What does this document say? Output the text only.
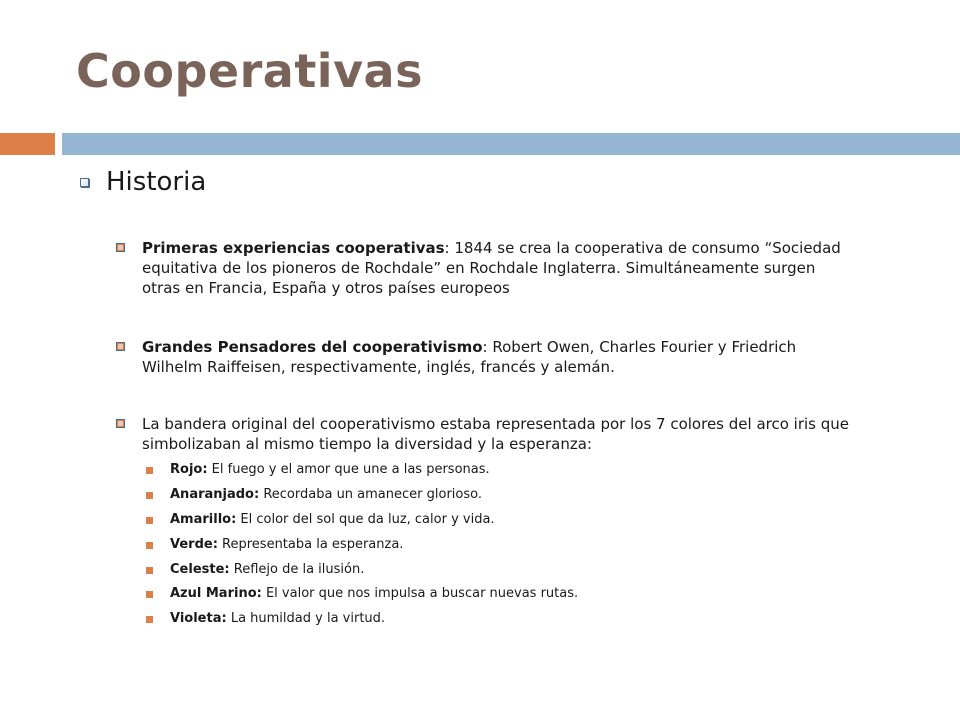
Cooperativas
Historia
Primeras experiencias cooperativas: 1844 se crea la cooperativa de consumo “Sociedad equitativa de los pioneros de Rochdale” en Rochdale Inglaterra. Simultáneamente surgen otras en Francia, España y otros países europeos
Grandes Pensadores del cooperativismo: Robert Owen, Charles Fourier y Friedrich Wilhelm Raiffeisen, respectivamente, inglés, francés y alemán.
La bandera original del cooperativismo estaba representada por los 7 colores del arco iris que simbolizaban al mismo tiempo la diversidad y la esperanza:
Rojo: El fuego y el amor que une a las personas.
Anaranjado: Recordaba un amanecer glorioso.
Amarillo: El color del sol que da luz, calor y vida.
Verde: Representaba la esperanza.
Celeste: Reflejo de la ilusión.
Azul Marino: El valor que nos impulsa a buscar nuevas rutas.
Violeta: La humildad y la virtud.
